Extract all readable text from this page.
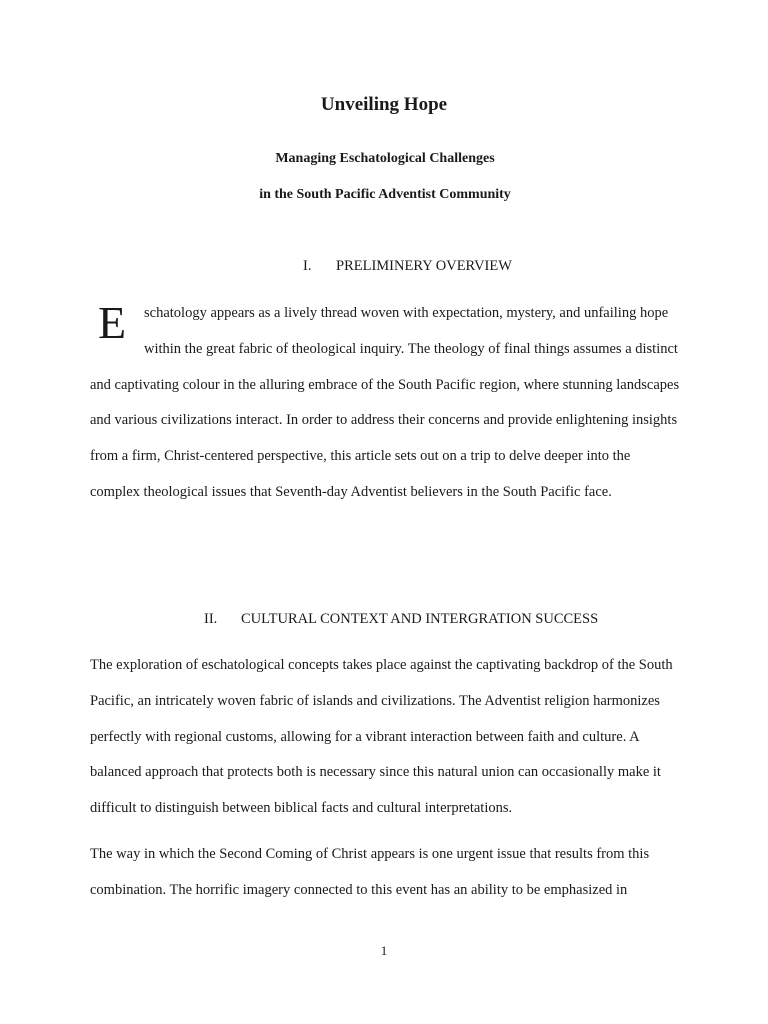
Unveiling Hope

Managing Eschatological Challenges

in the South Pacific Adventist Community

I. PRELIMINERY OVERVIEW
E	schatology appears as a lively thread woven with expectation, mystery, and unfailing hope within the great fabric of theological inquiry. The theology of final things assumes a distinct and captivating colour in the alluring embrace of the South Pacific region, where stunning landscapes and various civilizations interact. In order to address their concerns and provide enlightening insights from a firm, Christ-centered perspective, this article sets out on a trip to delve deeper into the complex theological issues that Seventh-day Adventist believers in the South Pacific face.
II. CULTURAL CONTEXT AND INTERGRATION SUCCESS

The exploration of eschatological concepts takes place against the captivating backdrop of the South Pacific, an intricately woven fabric of islands and civilizations. The Adventist religion harmonizes perfectly with regional customs, allowing for a vibrant interaction between faith and culture. A balanced approach that protects both is necessary since this natural union can occasionally make it difficult to distinguish between biblical facts and cultural interpretations.

The way in which the Second Coming of Christ appears is one urgent issue that results from this combination. The horrific imagery connected to this event has an ability to be emphasized in

1
